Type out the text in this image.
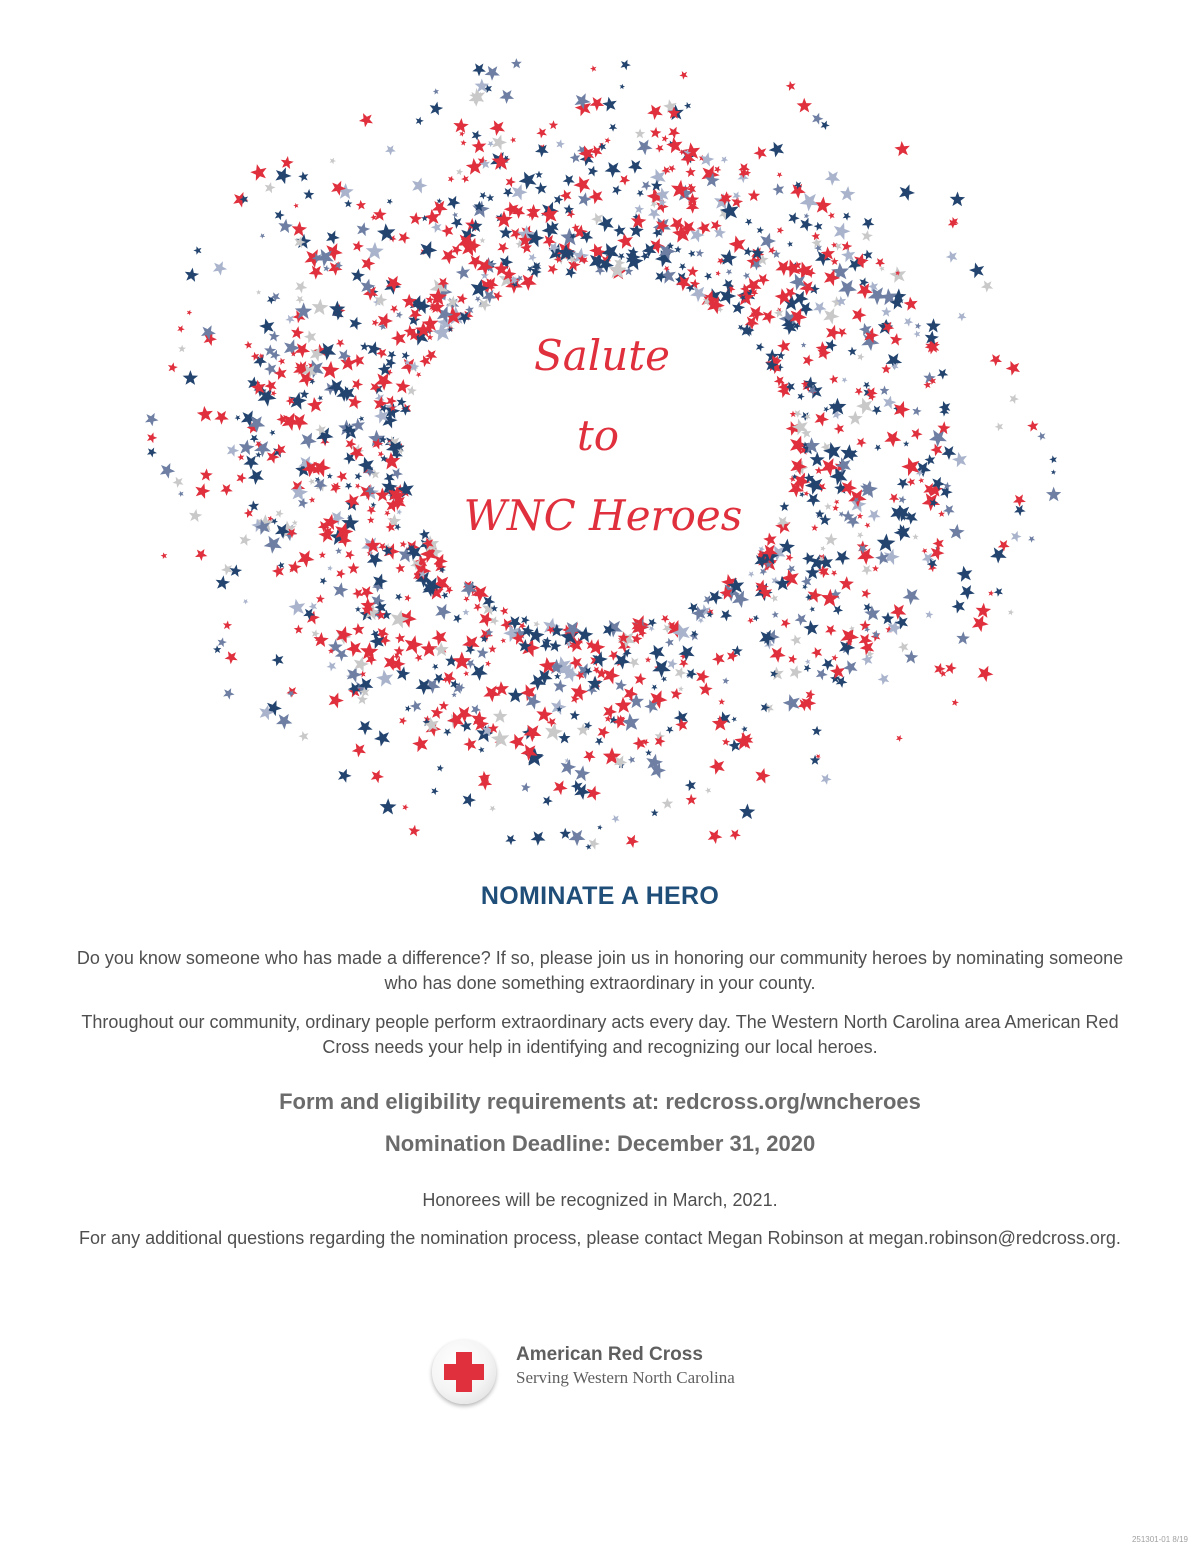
Salute
to
WNC Heroes
NOMINATE A HERO
Do you know someone who has made a difference? If so, please join us in honoring our community heroes by nominating someone who has done something extraordinary in your county.
Throughout our community, ordinary people perform extraordinary acts every day. The Western North Carolina area American Red Cross needs your help in identifying and recognizing our local heroes.
Form and eligibility requirements at: redcross.org/wncheroes
Nomination Deadline: December 31, 2020
Honorees will be recognized in March, 2021.
For any additional questions regarding the nomination process, please contact Megan Robinson at megan.robinson@redcross.org.
American Red Cross
Serving Western North Carolina
251301-01 8/19
